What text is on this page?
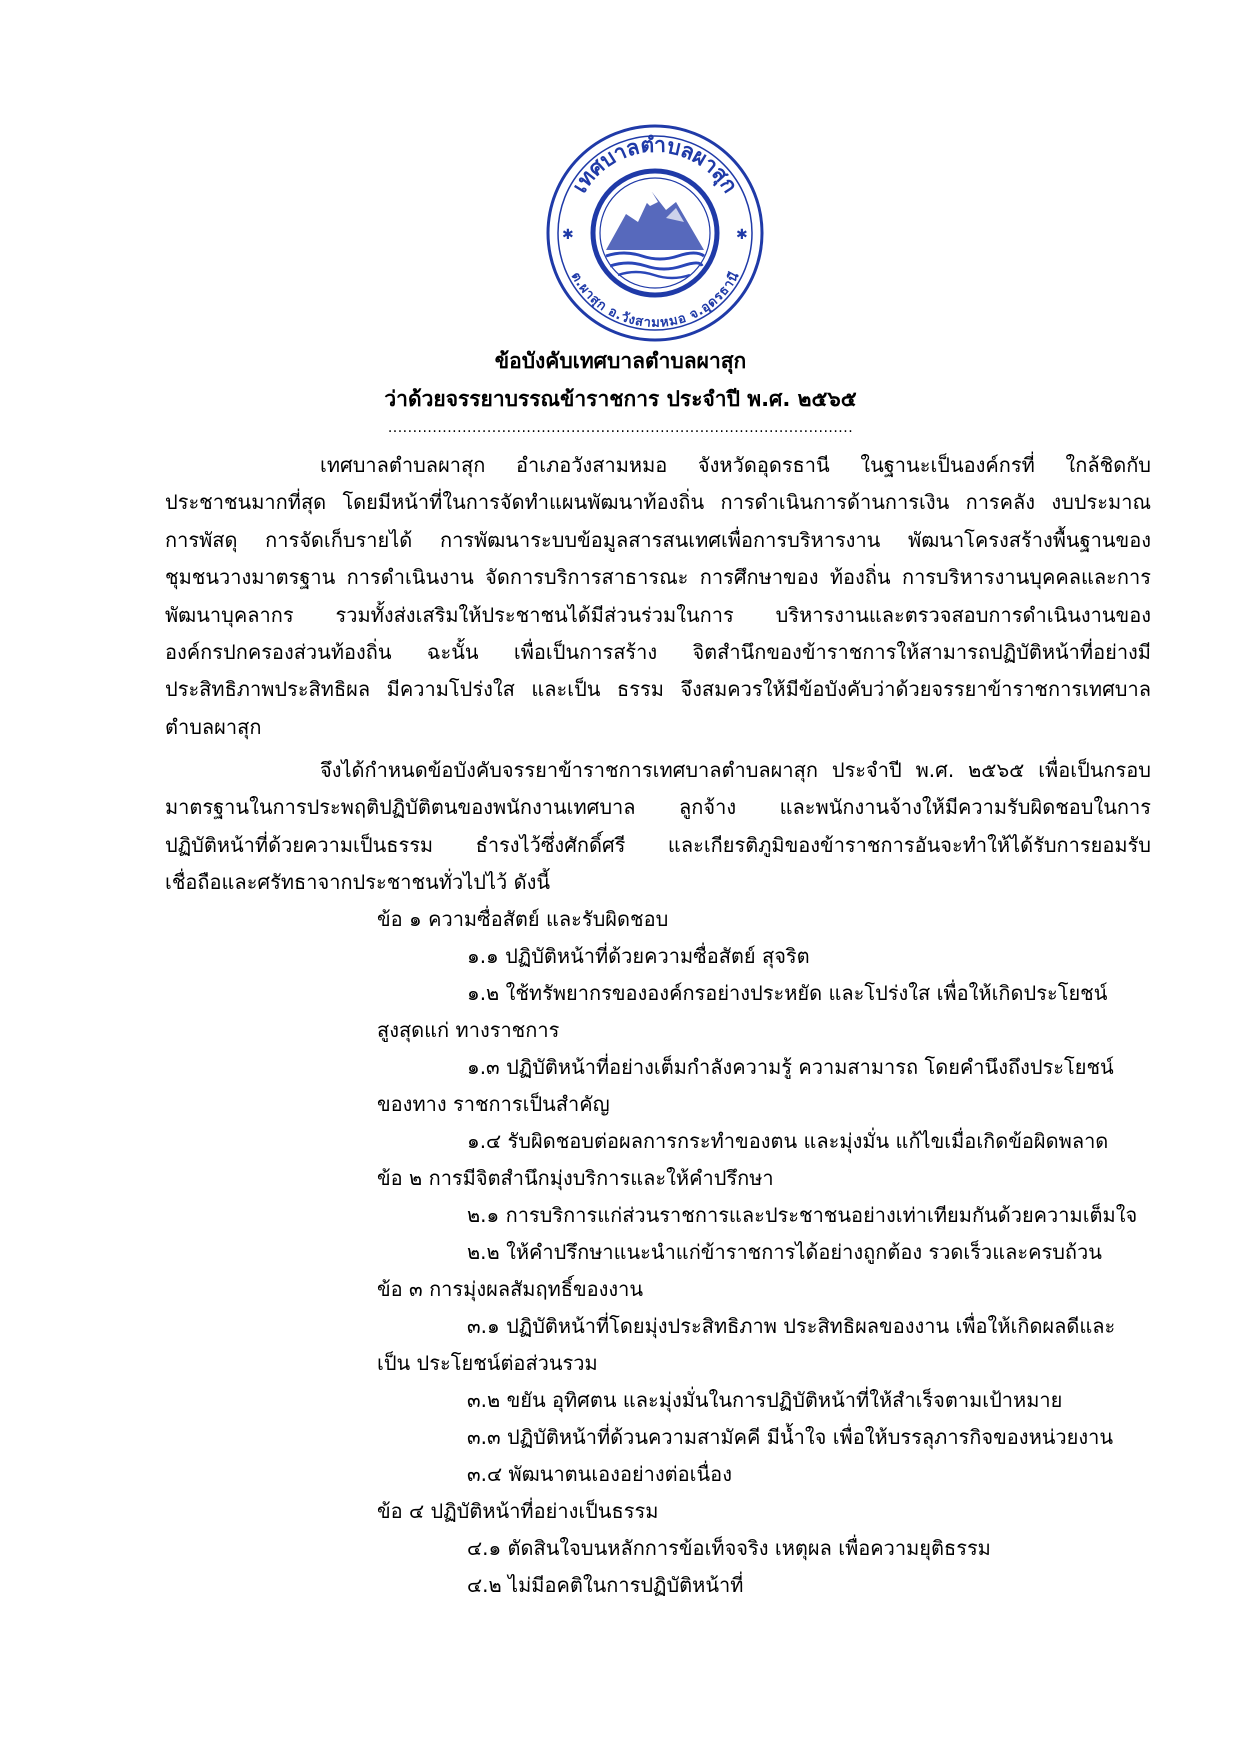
เทศบาลตำบลผาสุก
ต.ผาสุก อ.วังสามหมอ จ.อุดรธานี
✱	✱
ข้อบังคับเทศบาลตำบลผาสุก
ว่าด้วยจรรยาบรรณข้าราชการ ประจำปี พ.ศ. ๒๕๖๕
..............................................................................................
เทศบาลตำบลผาสุก อำเภอวังสามหมอ จังหวัดอุดรธานี ในฐานะเป็นองค์กรที่ ใกล้ชิดกับ
ประชาชนมากที่สุด โดยมีหน้าที่ในการจัดทำแผนพัฒนาท้องถิ่น การดำเนินการด้านการเงิน การคลัง งบประมาณ
การพัสดุ การจัดเก็บรายได้ การพัฒนาระบบข้อมูลสารสนเทศเพื่อการบริหารงาน พัฒนาโครงสร้างพื้นฐานของ
ชุมชนวางมาตรฐาน การดำเนินงาน จัดการบริการสาธารณะ การศึกษาของ ท้องถิ่น การบริหารงานบุคคลและการ
พัฒนาบุคลากร รวมทั้งส่งเสริมให้ประชาชนได้มีส่วนร่วมในการ บริหารงานและตรวจสอบการดำเนินงานของ
องค์กรปกครองส่วนท้องถิ่น ฉะนั้น เพื่อเป็นการสร้าง จิตสำนึกของข้าราชการให้สามารถปฏิบัติหน้าที่อย่างมี
ประสิทธิภาพประสิทธิผล มีความโปร่งใส และเป็น ธรรม จึงสมควรให้มีข้อบังคับว่าด้วยจรรยาข้าราชการเทศบาล
ตำบลผาสุก
จึงได้กำหนดข้อบังคับจรรยาข้าราชการเทศบาลตำบลผาสุก ประจำปี พ.ศ. ๒๕๖๕ เพื่อเป็นกรอบ
มาตรฐานในการประพฤติปฏิบัติตนของพนักงานเทศบาล ลูกจ้าง และพนักงานจ้างให้มีความรับผิดชอบในการ
ปฏิบัติหน้าที่ด้วยความเป็นธรรม ธำรงไว้ซึ่งศักดิ์ศรี และเกียรติภูมิของข้าราชการอันจะทำให้ได้รับการยอมรับ
เชื่อถือและศรัทธาจากประชาชนทั่วไปไว้ ดังนี้
ข้อ ๑ ความซื่อสัตย์ และรับผิดชอบ
๑.๑ ปฏิบัติหน้าที่ด้วยความซื่อสัตย์ สุจริต
๑.๒ ใช้ทรัพยากรขององค์กรอย่างประหยัด และโปร่งใส เพื่อให้เกิดประโยชน์
สูงสุดแก่ ทางราชการ
๑.๓ ปฏิบัติหน้าที่อย่างเต็มกำลังความรู้ ความสามารถ โดยคำนึงถึงประโยชน์
ของทาง ราชการเป็นสำคัญ
๑.๔ รับผิดชอบต่อผลการกระทำของตน และมุ่งมั่น แก้ไขเมื่อเกิดข้อผิดพลาด
ข้อ ๒ การมีจิตสำนึกมุ่งบริการและให้คำปรึกษา
๒.๑ การบริการแก่ส่วนราชการและประชาชนอย่างเท่าเทียมกันด้วยความเต็มใจ
๒.๒ ให้คำปรึกษาแนะนำแก่ข้าราชการได้อย่างถูกต้อง รวดเร็วและครบถ้วน
ข้อ ๓ การมุ่งผลสัมฤทธิ์ของงาน
๓.๑ ปฏิบัติหน้าที่โดยมุ่งประสิทธิภาพ ประสิทธิผลของงาน เพื่อให้เกิดผลดีและ
เป็น ประโยชน์ต่อส่วนรวม
๓.๒ ขยัน อุทิศตน และมุ่งมั่นในการปฏิบัติหน้าที่ให้สำเร็จตามเป้าหมาย
๓.๓ ปฏิบัติหน้าที่ด้วนความสามัคคี มีน้ำใจ เพื่อให้บรรลุภารกิจของหน่วยงาน
๓.๔ พัฒนาตนเองอย่างต่อเนื่อง
ข้อ ๔ ปฏิบัติหน้าที่อย่างเป็นธรรม
๔.๑ ตัดสินใจบนหลักการข้อเท็จจริง เหตุผล เพื่อความยุติธรรม
๔.๒ ไม่มีอคติในการปฏิบัติหน้าที่
